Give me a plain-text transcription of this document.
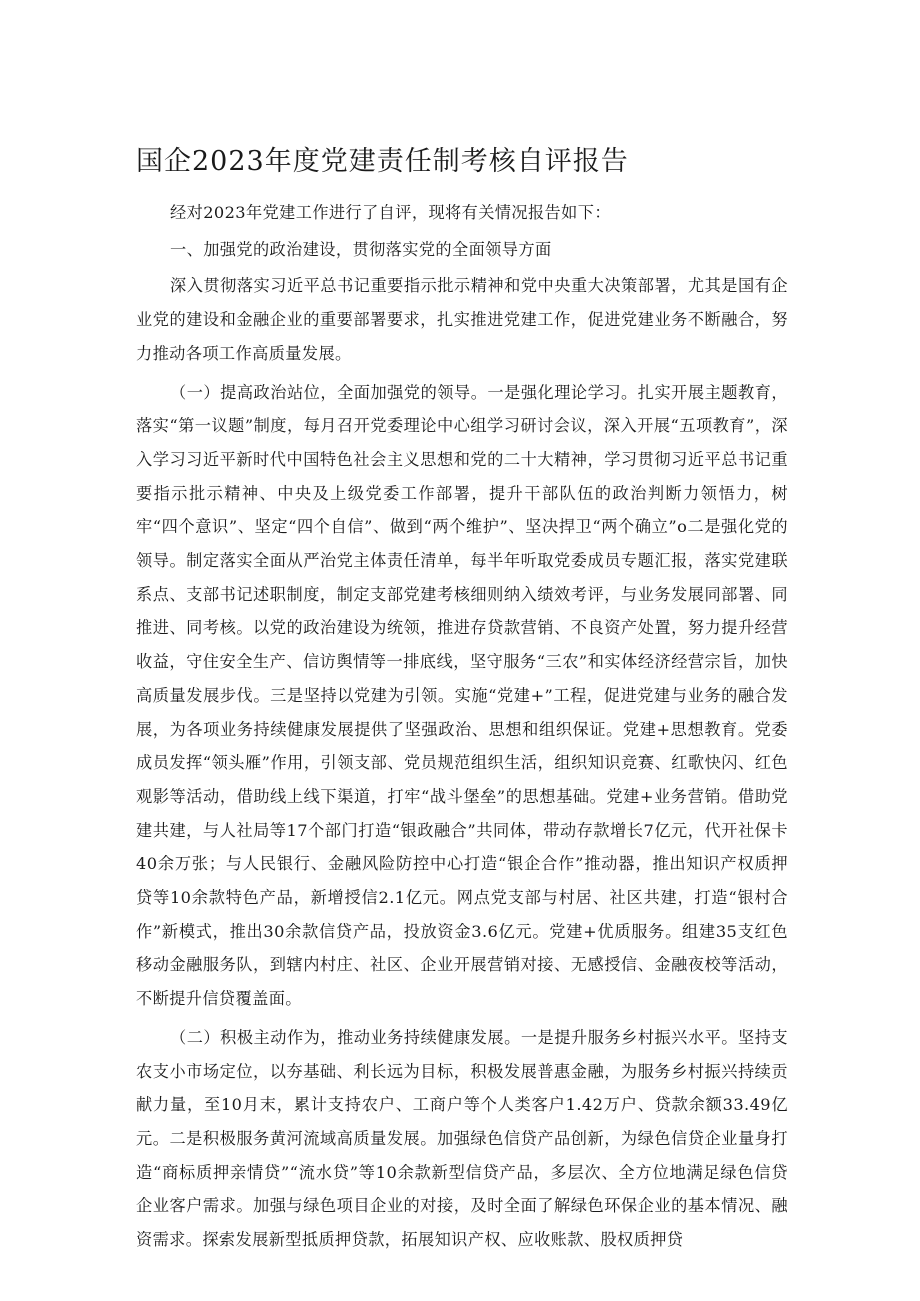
国企2023年度党建责任制考核自评报告

经对2023年党建工作进行了自评，现将有关情况报告如下：

一、加强党的政治建设，贯彻落实党的全面领导方面

深入贯彻落实习近平总书记重要指示批示精神和党中央重大决策部署，尤其是国有企业党的建设和金融企业的重要部署要求，扎实推进党建工作，促进党建业务不断融合，努力推动各项工作高质量发展。

（一）提高政治站位，全面加强党的领导。一是强化理论学习。扎实开展主题教育，落实“第一议题”制度，每月召开党委理论中心组学习研讨会议，深入开展“五项教育”，深入学习习近平新时代中国特色社会主义思想和党的二十大精神，学习贯彻习近平总书记重要指示批示精神、中央及上级党委工作部署，提升干部队伍的政治判断力领悟力，树牢“四个意识”、坚定“四个自信”、做到“两个维护”、坚决捍卫“两个确立”o二是强化党的领导。制定落实全面从严治党主体责任清单，每半年听取党委成员专题汇报，落实党建联系点、支部书记述职制度，制定支部党建考核细则纳入绩效考评，与业务发展同部署、同推进、同考核。以党的政治建设为统领，推进存贷款营销、不良资产处置，努力提升经营收益，守住安全生产、信访舆情等一排底线，坚守服务“三农”和实体经济经营宗旨，加快高质量发展步伐。三是坚持以党建为引领。实施“党建+”工程，促进党建与业务的融合发展，为各项业务持续健康发展提供了坚强政治、思想和组织保证。党建+思想教育。党委成员发挥“领头雁”作用，引领支部、党员规范组织生活，组织知识竞赛、红歌快闪、红色观影等活动，借助线上线下渠道，打牢“战斗堡垒”的思想基础。党建+业务营销。借助党建共建，与人社局等17个部门打造“银政融合”共同体，带动存款增长7亿元，代开社保卡40余万张；与人民银行、金融风险防控中心打造“银企合作”推动器，推出知识产权质押贷等10余款特色产品，新增授信2.1亿元。网点党支部与村居、社区共建，打造“银村合作”新模式，推出30余款信贷产品，投放资金3.6亿元。党建+优质服务。组建35支红色移动金融服务队，到辖内村庄、社区、企业开展营销对接、无感授信、金融夜校等活动，不断提升信贷覆盖面。

（二）积极主动作为，推动业务持续健康发展。一是提升服务乡村振兴水平。坚持支农支小市场定位，以夯基础、利长远为目标，积极发展普惠金融，为服务乡村振兴持续贡献力量，至10月末，累计支持农户、工商户等个人类客户1.42万户、贷款余额33.49亿元。二是积极服务黄河流域高质量发展。加强绿色信贷产品创新，为绿色信贷企业量身打造“商标质押亲情贷”“流水贷”等10余款新型信贷产品，多层次、全方位地满足绿色信贷企业客户需求。加强与绿色项目企业的对接，及时全面了解绿色环保企业的基本情况、融资需求。探索发展新型抵质押贷款，拓展知识产权、应收账款、股权质押贷
